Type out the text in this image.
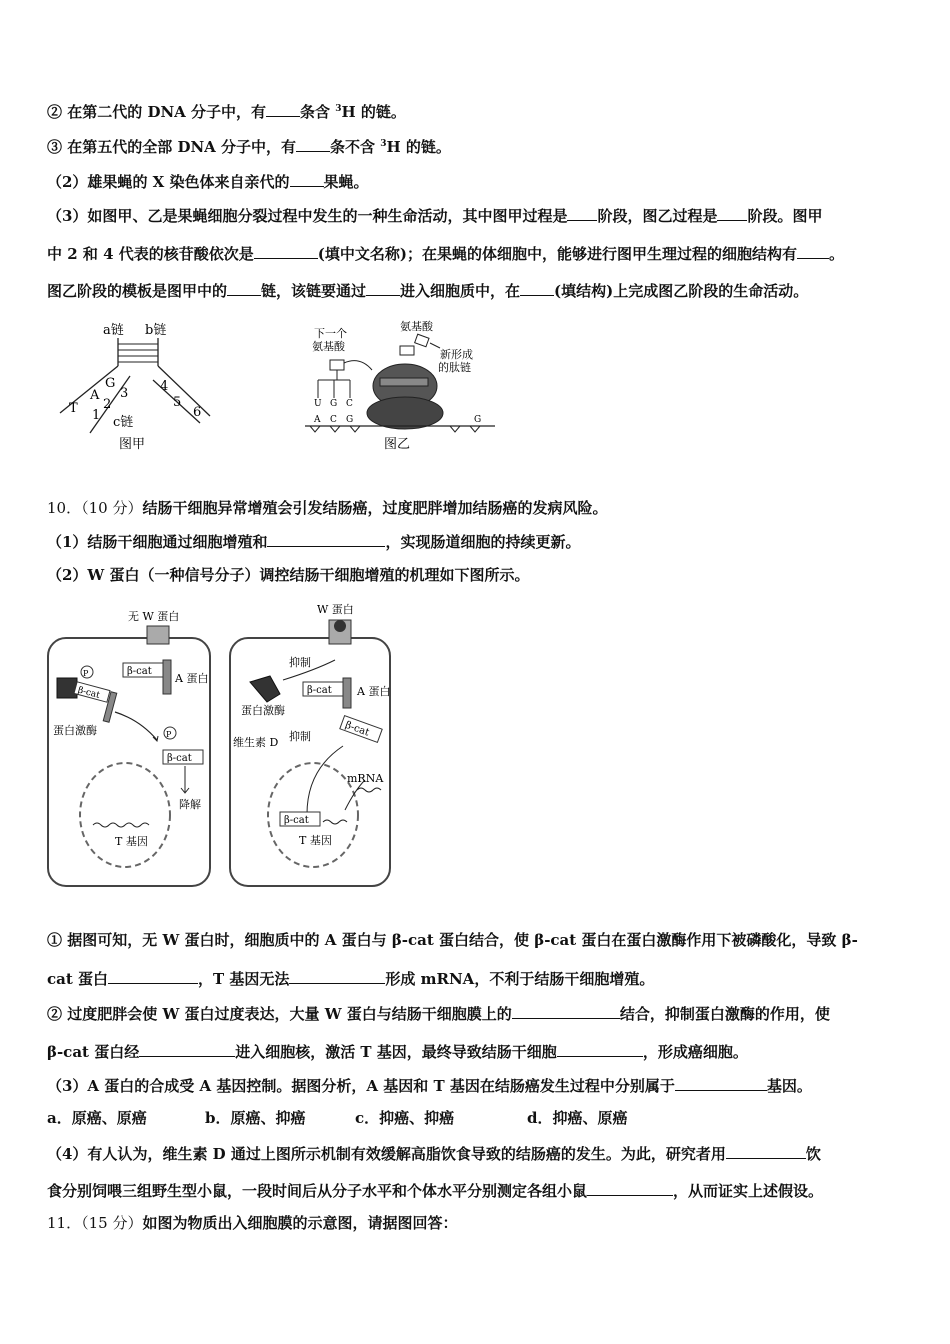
② 在第二代的 DNA 分子中，有 条含 $^3$H 的链。
③ 在第五代的全部 DNA 分子中，有 条不含 $^3$H 的链。
（2）雄果蝇的 X 染色体来自亲代的 果蝇。
（3）如图甲、乙是果蝇细胞分裂过程中发生的一种生命活动，其中图甲过程是 阶段，图乙过程是 阶段。图甲
中 2 和 4 代表的核苷酸依次是	(填中文名称)；在果蝇的体细胞中，能够进行图甲生理过程的细胞结构有 。
图乙阶段的模板是图甲中的 链，该链要通过 进入细胞质中，在 (填结构)上完成图乙阶段的生命活动。
a链 b链
T
A
G
1
2
3 4
5
6
c链
图甲
下一个
氨基酸
氨基酸
新形成
的肽链
U G C
A C G	G
图乙
10．（10 分）结肠干细胞异常增殖会引发结肠癌，过度肥胖增加结肠癌的发病风险。
（1）结肠干细胞通过细胞增殖和	，实现肠道细胞的持续更新。
（2）W 蛋白（一种信号分子）调控结肠干细胞增殖的机理如下图所示。
无 W 蛋白
β-cat
A 蛋白
P
β-cat
蛋白激酶	P
β-cat
降解
T 基因
W 蛋白
抑制
蛋白激酶
β-cat A 蛋白
β-cat
维生素 D 抑制
β-cat
T 基因
mRNA
① 据图可知，无 W 蛋白时，细胞质中的 A 蛋白与 β-cat 蛋白结合，使 β-cat 蛋白在蛋白激酶作用下被磷酸化，导致 β-
cat 蛋白	，T 基因无法	形成 mRNA，不利于结肠干细胞增殖。
② 过度肥胖会使 W 蛋白过度表达，大量 W 蛋白与结肠干细胞膜上的	结合，抑制蛋白激酶的作用，使
β-cat 蛋白经	进入细胞核，激活 T 基因，最终导致结肠干细胞	，形成癌细胞。
（3）A 蛋白的合成受 A 基因控制。据图分析，A 基因和 T 基因在结肠癌发生过程中分别属于	基因。
a．原癌、原癌	b．原癌、抑癌	c．抑癌、抑癌	d．抑癌、原癌
（4）有人认为，维生素 D 通过上图所示机制有效缓解高脂饮食导致的结肠癌的发生。为此，研究者用	饮
食分别饲喂三组野生型小鼠，一段时间后从分子水平和个体水平分别测定各组小鼠	，从而证实上述假设。
11．（15 分）如图为物质出入细胞膜的示意图，请据图回答：
